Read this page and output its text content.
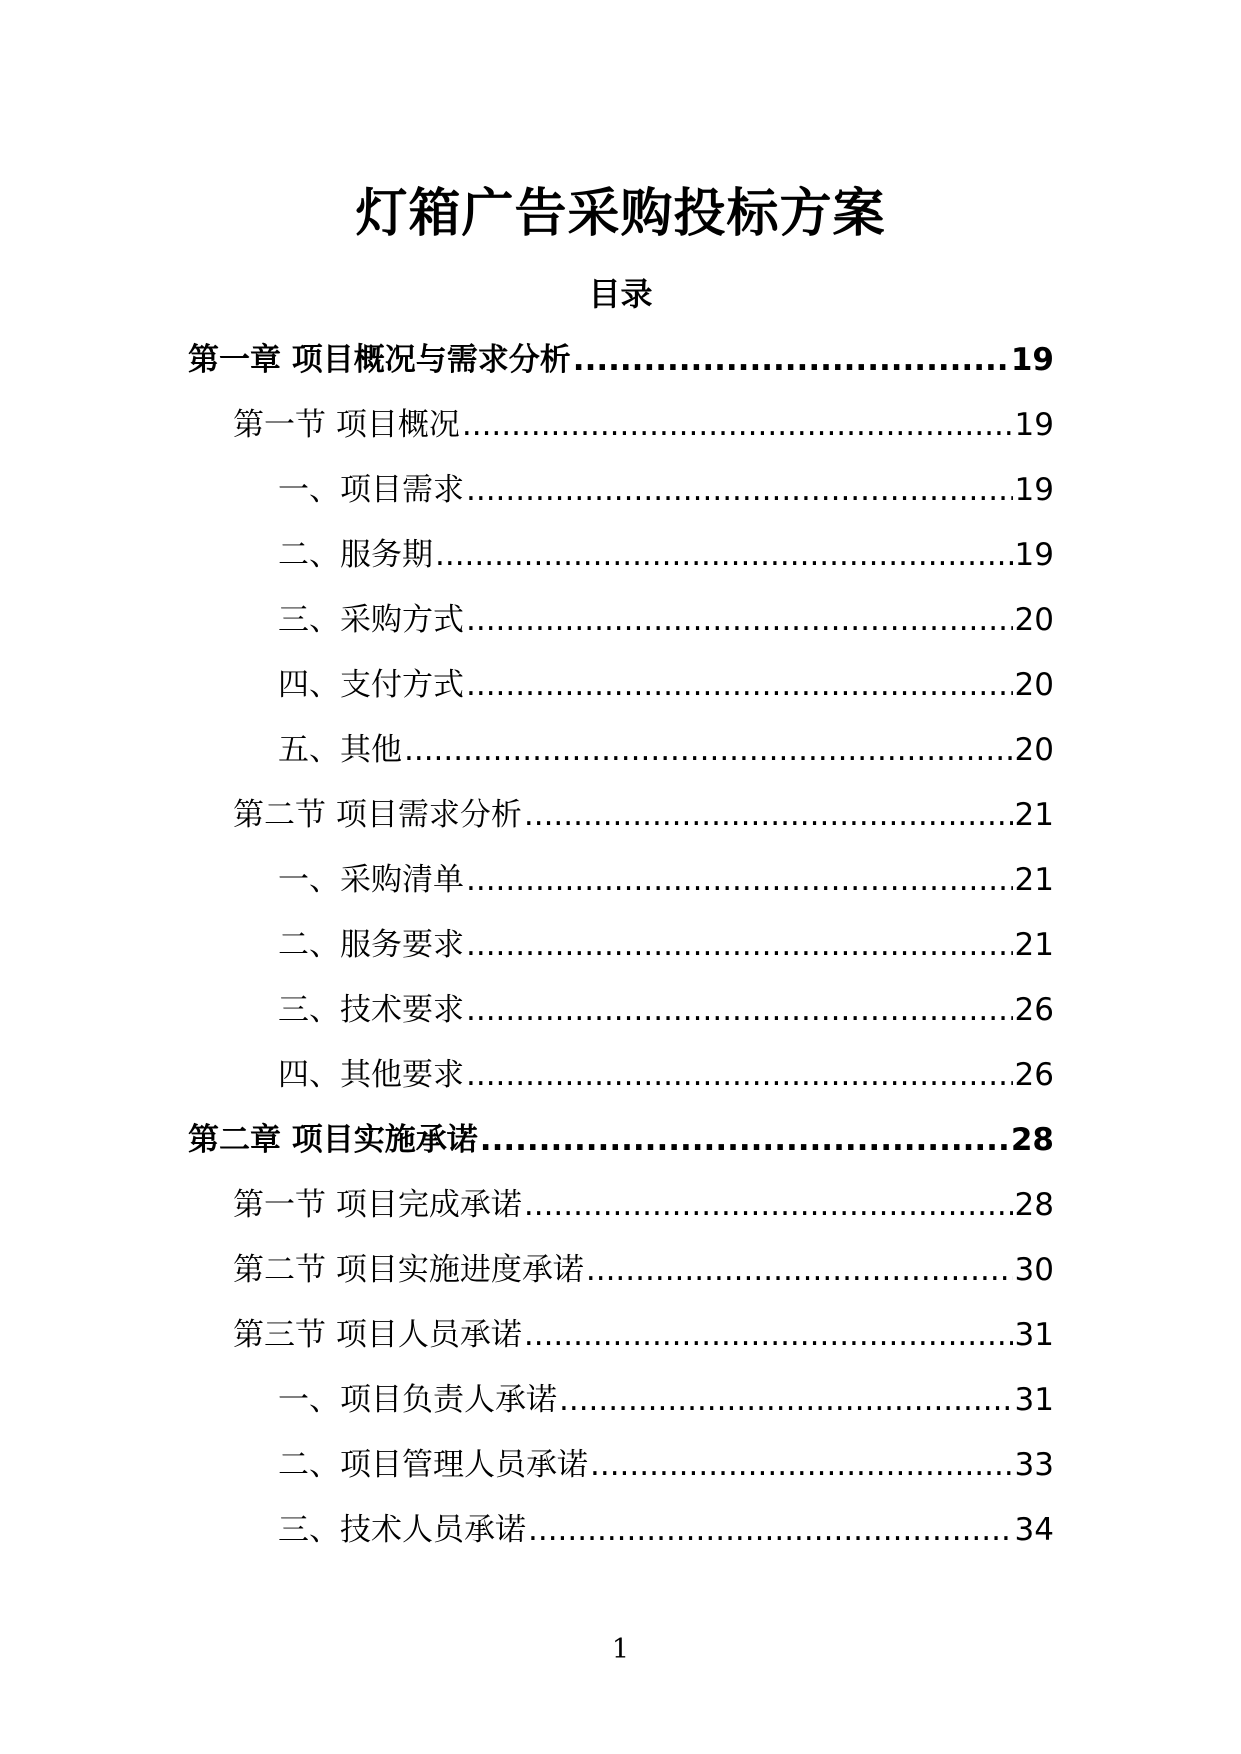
灯箱广告采购投标方案
目录
第一章 项目概况与需求分析 .....	19
第一节 项目概况 .....	19
一、项目需求 .....	19
二、服务期 .....	19
三、采购方式 .....	20
四、支付方式 .....	20
五、其他 .....	20
第二节 项目需求分析 .....	21
一、采购清单 .....	21
二、服务要求 .....	21
三、技术要求 .....	26
四、其他要求 .....	26
第二章 项目实施承诺 .....	28
第一节 项目完成承诺 .....	28
第二节 项目实施进度承诺 .....	30
第三节 项目人员承诺 .....	31
一、项目负责人承诺 .....	31
二、项目管理人员承诺 .....	33
三、技术人员承诺 .....	34
1
